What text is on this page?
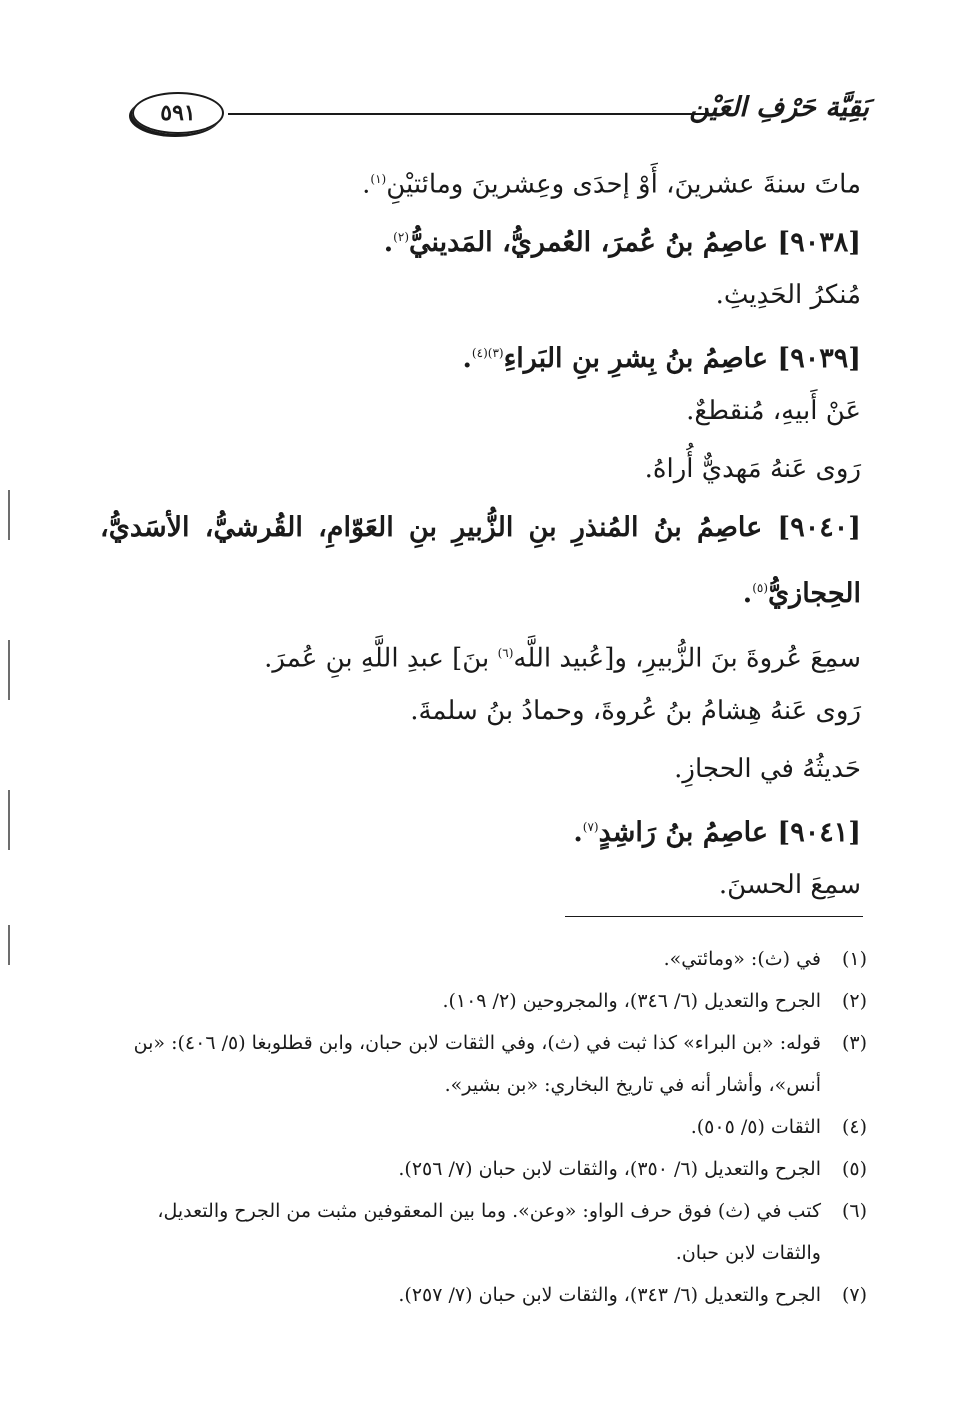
٥٩١	بَقِيَّة حَرْفِ العَيْن
ماتَ سنةَ عشرينَ، أَوْ إحدَى وعِشرينَ ومائتيْنِ$^{(١)}$.
[٩٠٣٨] عاصِمُ بنُ عُمرَ، العُمريُّ، المَدينيُّ$^{(٢)}$.
مُنكرُ الحَدِيثِ.
[٩٠٣٩] عاصِمُ بنُ بِشرِ بنِ البَراءِ$^{(٣)(٤)}$.
عَنْ أَبيهِ، مُنقطعٌ.
رَوى عَنهُ مَهديٌّ أُراهُ.
[٩٠٤٠] عاصِمُ بنُ المُنذرِ بنِ الزُّبيرِ بنِ العَوّامِ، القُرشيُّ، الأسَديُّ، الحِجازيُّ$^{(٥)}$.
سمِعَ عُروةَ بنَ الزُّبيرِ، و[عُبيد اللَّه$^{(٦)}$ بنَ] عبدِ اللَّهِ بنِ عُمرَ.
رَوى عَنهُ هِشامُ بنُ عُروةَ، وحمادُ بنُ سلمةَ.
حَديثُهُ في الحجازِ.
[٩٠٤١] عاصِمُ بنُ رَاشِدٍ$^{(٧)}$.
سمِعَ الحسنَ.
(١)
في (ث): «ومائتي».
(٢)
الجرح والتعديل (٦/ ٣٤٦)، والمجروحين (٢/ ١٠٩).
(٣)
قوله: «بن البراء» كذا ثبت في (ث)، وفي الثقات لابن حبان، وابن قطلوبغا (٥/ ٤٠٦): «بن أنس»، وأشار أنه في تاريخ البخاري: «بن بشير».
(٤)
الثقات (٥/ ٥٠٥).
(٥)
الجرح والتعديل (٦/ ٣٥٠)، والثقات لابن حبان (٧/ ٢٥٦).
(٦)
كتب في (ث) فوق حرف الواو: «وعن». وما بين المعقوفين مثبت من الجرح والتعديل، والثقات لابن حبان.
(٧)
الجرح والتعديل (٦/ ٣٤٣)، والثقات لابن حبان (٧/ ٢٥٧).
